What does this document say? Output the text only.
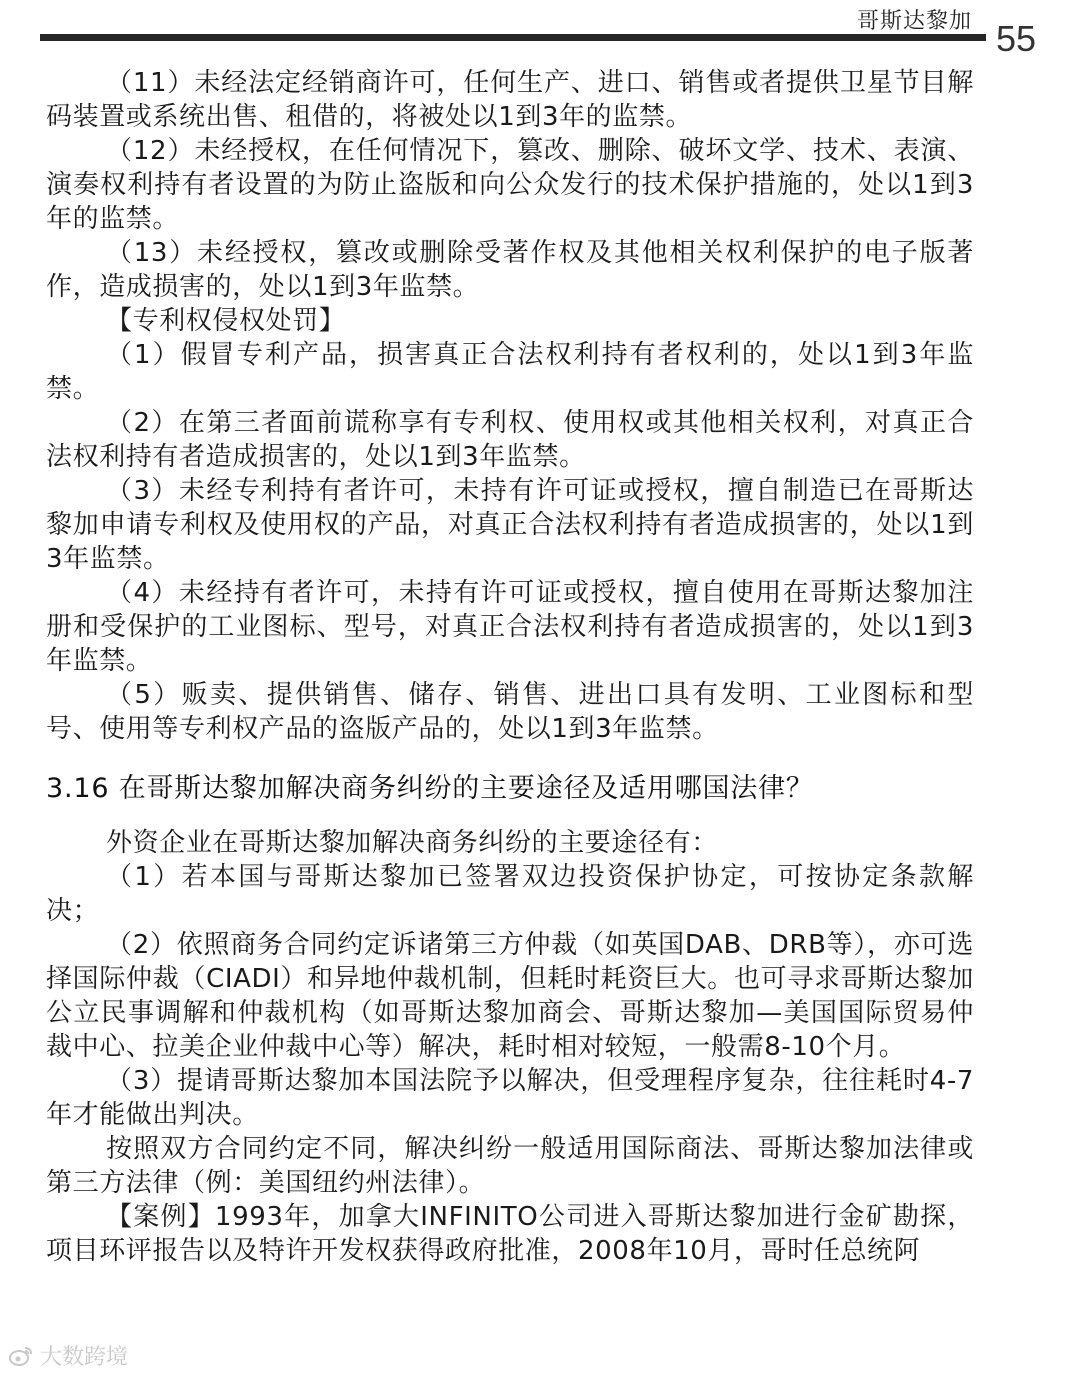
哥斯达黎加 55

（11）未经法定经销商许可，任何生产、进口、销售或者提供卫星节目解码装置或系统出售、租借的，将被处以1到3年的监禁。

（12）未经授权，在任何情况下，篡改、删除、破坏文学、技术、表演、演奏权利持有者设置的为防止盗版和向公众发行的技术保护措施的，处以1到3年的监禁。

（13）未经授权，篡改或删除受著作权及其他相关权利保护的电子版著作，造成损害的，处以1到3年监禁。

【专利权侵权处罚】

（1）假冒专利产品，损害真正合法权利持有者权利的，处以1到3年监禁。

（2）在第三者面前谎称享有专利权、使用权或其他相关权利，对真正合法权利持有者造成损害的，处以1到3年监禁。

（3）未经专利持有者许可，未持有许可证或授权，擅自制造已在哥斯达黎加申请专利权及使用权的产品，对真正合法权利持有者造成损害的，处以1到3年监禁。

（4）未经持有者许可，未持有许可证或授权，擅自使用在哥斯达黎加注册和受保护的工业图标、型号，对真正合法权利持有者造成损害的，处以1到3年监禁。

（5）贩卖、提供销售、储存、销售、进出口具有发明、工业图标和型号、使用等专利权产品的盗版产品的，处以1到3年监禁。

3.16 在哥斯达黎加解决商务纠纷的主要途径及适用哪国法律？

外资企业在哥斯达黎加解决商务纠纷的主要途径有：

（1）若本国与哥斯达黎加已签署双边投资保护协定，可按协定条款解决；

（2）依照商务合同约定诉诸第三方仲裁（如英国DAB、DRB等），亦可选择国际仲裁（CIADI）和异地仲裁机制，但耗时耗资巨大。也可寻求哥斯达黎加公立民事调解和仲裁机构（如哥斯达黎加商会、哥斯达黎加—美国国际贸易仲裁中心、拉美企业仲裁中心等）解决，耗时相对较短，一般需8-10个月。

（3）提请哥斯达黎加本国法院予以解决，但受理程序复杂，往往耗时4-7年才能做出判决。

按照双方合同约定不同，解决纠纷一般适用国际商法、哥斯达黎加法律或第三方法律（例：美国纽约州法律）。

【案例】1993年，加拿大INFINITO公司进入哥斯达黎加进行金矿勘探，项目环评报告以及特许开发权获得政府批准，2008年10月，哥时任总统阿

大数跨境
